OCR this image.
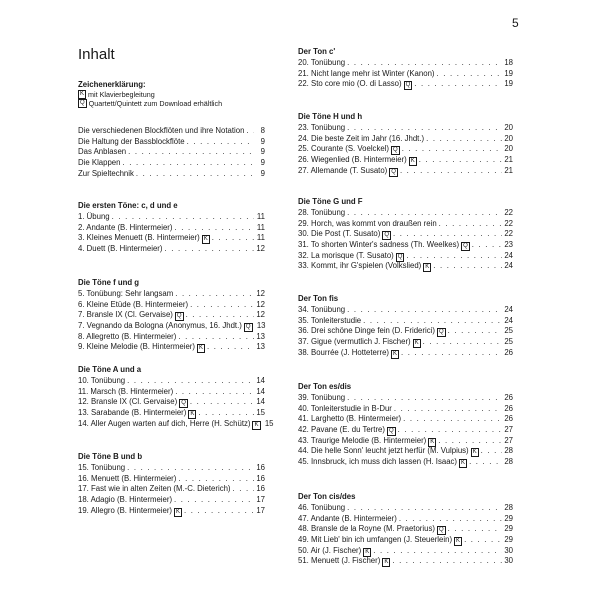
5
Inhalt
Zeichenerklärung:
K mit Klavierbegleitung
Q Quartett/Quintett zum Download erhältlich
Die verschiedenen Blockflöten und ihre Notation . . .	8
Die Haltung der Bassblockflöte . . .	9
Das Anblasen . . .	9
Die Klappen . . .	9
Zur Spieltechnik . . .	9
Die ersten Töne: c, d und e
1. Übung . . .	11
2. Andante (B. Hintermeier) . . .	11
3. Kleines Menuett (B. Hintermeier) K . . .	11
4. Duett (B. Hintermeier) . . .	12
Die Töne f und g
5. Tonübung: Sehr langsam . . .	12
6. Kleine Etüde (B. Hintermeier) . . .	12
7. Bransle IX (Cl. Gervaise) Q . . .	12
7. Vegnando da Bologna (Anonymus, 16. Jhdt.) Q 13
8. Allegretto (B. Hintermeier) . . .	13
9. Kleine Melodie (B. Hintermeier) K . . .	13
Die Töne A und a
10. Tonübung . . .	14
11. Marsch (B. Hintermeier) . . .	14
12. Bransle IX (Cl. Gervaise) Q . . .	14
13. Sarabande (B. Hintermeier) K . . .	15
14. Aller Augen warten auf dich, Herre (H. Schütz) K 15
Die Töne B und b
15. Tonübung . . .	16
16. Menuett (B. Hintermeier) . . .	16
17. Fast wie in alten Zeiten (M.-C. Dieterich) . . .	16
18. Adagio (B. Hintermeier) . . .	17
19. Allegro (B. Hintermeier) K . . .	17
Der Ton c'
20. Tonübung . . .	18
21. Nicht lange mehr ist Winter (Kanon) . . .	19
22. Sto core mio (O. di Lasso) Q . . .	19
Die Töne H und h
23. Tonübung . . .	20
24. Die beste Zeit im Jahr (16. Jhdt.) . . .	20
25. Courante (S. Voelckel) Q . . .	20
26. Wiegenlied (B. Hintermeier) K . . .	21
27. Allemande (T. Susato) Q . . .	21
Die Töne G und F
28. Tonübung . . .	22
29. Horch, was kommt von draußen rein . . .	22
30. Die Post (T. Susato) Q . . .	22
31. To shorten Winter's sadness (Th. Weelkes) Q . . .	23
32. La morisque (T. Susato) Q . . .	24
33. Kommt, ihr G'spielen (Volkslied) K . . .	24
Der Ton fis
34. Tonübung . . .	24
35. Tonleiterstudie . . .	24
36. Drei schöne Dinge fein (D. Friderici) Q . . .	25
37. Gigue (vermutlich J. Fischer) K . . .	25
38. Bourrée (J. Hotteterre) K . . .	26
Der Ton es/dis
39. Tonübung . . .	26
40. Tonleiterstudie in B-Dur . . .	26
41. Larghetto (B. Hintermeier) . . .	26
42. Pavane (E. du Tertre) Q . . .	27
43. Traurige Melodie (B. Hintermeier) K . . .	27
44. Die helle Sonn' leucht jetzt herfür (M. Vulpius) K . . .	28
45. Innsbruck, ich muss dich lassen (H. Isaac) K . . .	28
Der Ton cis/des
46. Tonübung . . .	28
47. Andante (B. Hintermeier) . . .	29
48. Bransle de la Royne (M. Praetorius) Q . . .	29
49. Mit Lieb' bin ich umfangen (J. Steuerlein) K . . .	29
50. Air (J. Fischer) K . . .	30
51. Menuett (J. Fischer) K . . .	30
